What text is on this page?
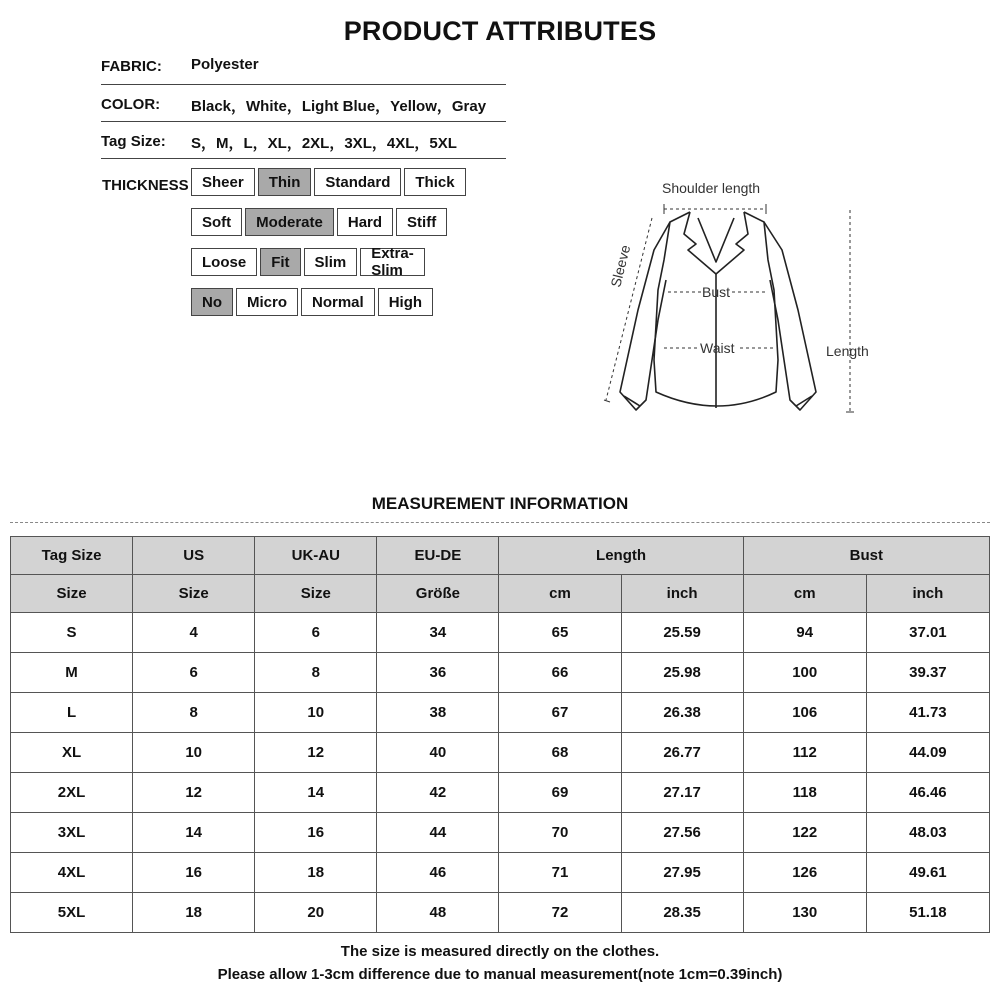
PRODUCT ATTRIBUTES
FABRIC: Polyester
COLOR: Black，White，Light Blue，Yellow，Gray
Tag Size: S，M，L，XL，2XL，3XL，4XL，5XL
THICKNESS Sheer	Thin	Standard	Thick
Soft	Moderate	Hard	Stiff
Loose	Fit	Slim	Extra-Slim
No	Micro	Normal	High
Shoulder length
Sleeve
Bust
Waist	Length
MEASUREMENT INFORMATION
Tag Size	US	UK-AU	EU-DE	Length		Bust	
Size	Size	Size	Größe	cm	inch	cm	inch
S	4	6	34	65	25.59	94	37.01
M	6	8	36	66	25.98	100	39.37
L	8	10	38	67	26.38	106	41.73
XL	10	12	40	68	26.77	112	44.09
2XL	12	14	42	69	27.17	118	46.46
3XL	14	16	44	70	27.56	122	48.03
4XL	16	18	46	71	27.95	126	49.61
5XL	18	20	48	72	28.35	130	51.18
The size is measured directly on the clothes.
Please allow 1-3cm difference due to manual measurement(note 1cm=0.39inch)
